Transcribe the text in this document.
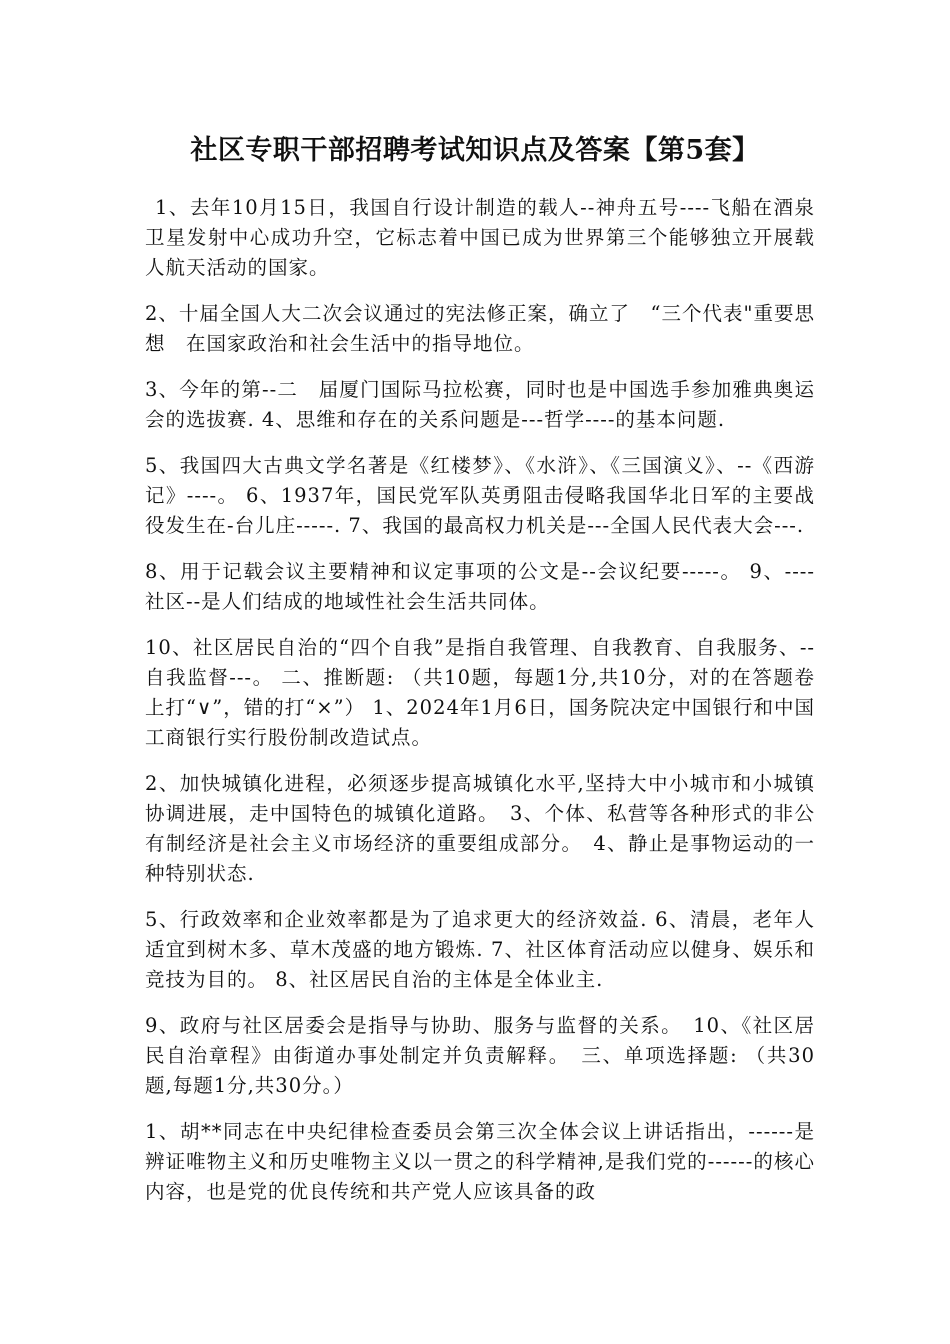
社区专职干部招聘考试知识点及答案【第5套】

1、去年10月15日，我国自行设计制造的载人--神舟五号----飞船在酒泉卫星发射中心成功升空，它标志着中国已成为世界第三个能够独立开展载人航天活动的国家。

2、十届全国人大二次会议通过的宪法修正案，确立了　“三个代表"重要思想　在国家政治和社会生活中的指导地位。

3、今年的第--二　届厦门国际马拉松赛，同时也是中国选手参加雅典奥运会的选拔赛. 4、思维和存在的关系问题是---哲学----的基本问题.

5、我国四大古典文学名著是《红楼梦》、《水浒》、《三国演义》、--《西游记》----。 6、1937年，国民党军队英勇阻击侵略我国华北日军的主要战役发生在-台儿庄-----. 7、我国的最高权力机关是---全国人民代表大会---.

8、用于记载会议主要精神和议定事项的公文是--会议纪要-----。 9、----社区--是人们结成的地域性社会生活共同体。

10、社区居民自治的“四个自我”是指自我管理、自我教育、自我服务、--自我监督---。 二、推断题: （共10题，每题1分,共10分，对的在答题卷上打“∨”，错的打“×”） 1、2024年1月6日，国务院决定中国银行和中国工商银行实行股份制改造试点。

2、加快城镇化进程，必须逐步提高城镇化水平,坚持大中小城市和小城镇协调进展，走中国特色的城镇化道路。　3、个体、私营等各种形式的非公有制经济是社会主义市场经济的重要组成部分。　4、静止是事物运动的一种特别状态.

5、行政效率和企业效率都是为了追求更大的经济效益. 6、清晨，老年人适宜到树木多、草木茂盛的地方锻炼. 7、社区体育活动应以健身、娱乐和竞技为目的。 8、社区居民自治的主体是全体业主.

9、政府与社区居委会是指导与协助、服务与监督的关系。　10、《社区居民自治章程》由街道办事处制定并负责解释。　三、单项选择题: （共30题,每题1分,共30分。）

1、胡**同志在中央纪律检查委员会第三次全体会议上讲话指出，------是辨证唯物主义和历史唯物主义以一贯之的科学精神,是我们党的------的核心内容，也是党的优良传统和共产党人应该具备的政
